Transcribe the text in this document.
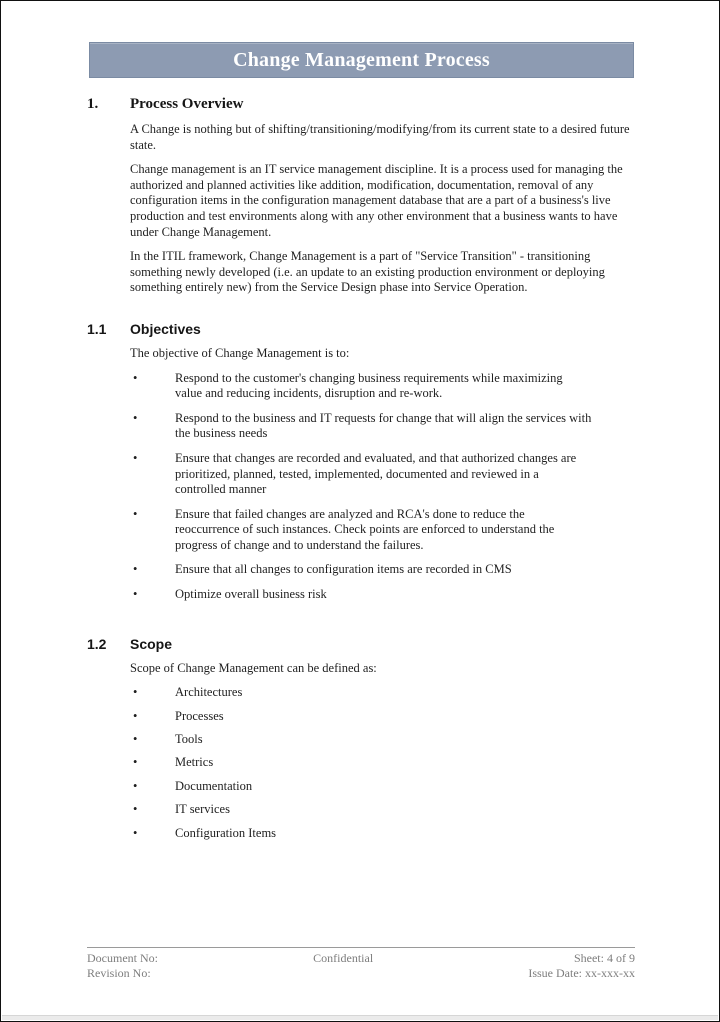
Change Management Process
1.	Process Overview

A Change is nothing but of shifting/transitioning/modifying/from its current state to a desired future state.

Change management is an IT service management discipline. It is a process used for managing the authorized and planned activities like addition, modification, documentation, removal of any configuration items in the configuration management database that are a part of a business's live production and test environments along with any other environment that a business wants to have under Change Management.

In the ITIL framework, Change Management is a part of "Service Transition" - transitioning something newly developed (i.e. an update to an existing production environment or deploying something entirely new) from the Service Design phase into Service Operation.

1.1	Objectives

The objective of Change Management is to:

•	Respond to the customer's changing business requirements while maximizing value and reducing incidents, disruption and re-work.
•	Respond to the business and IT requests for change that will align the services with the business needs
•	Ensure that changes are recorded and evaluated, and that authorized changes are prioritized, planned, tested, implemented, documented and reviewed in a controlled manner
•	Ensure that failed changes are analyzed and RCA's done to reduce the reoccurrence of such instances. Check points are enforced to understand the progress of change and to understand the failures.
•	Ensure that all changes to configuration items are recorded in CMS
•	Optimize overall business risk
1.2	Scope

Scope of Change Management can be defined as:

•	Architectures
•	Processes
•	Tools
•	Metrics
•	Documentation
•	IT services
•	Configuration Items
Document No:
Revision No:
Confidential	Sheet: 4 of 9
Issue Date: xx-xxx-xx
